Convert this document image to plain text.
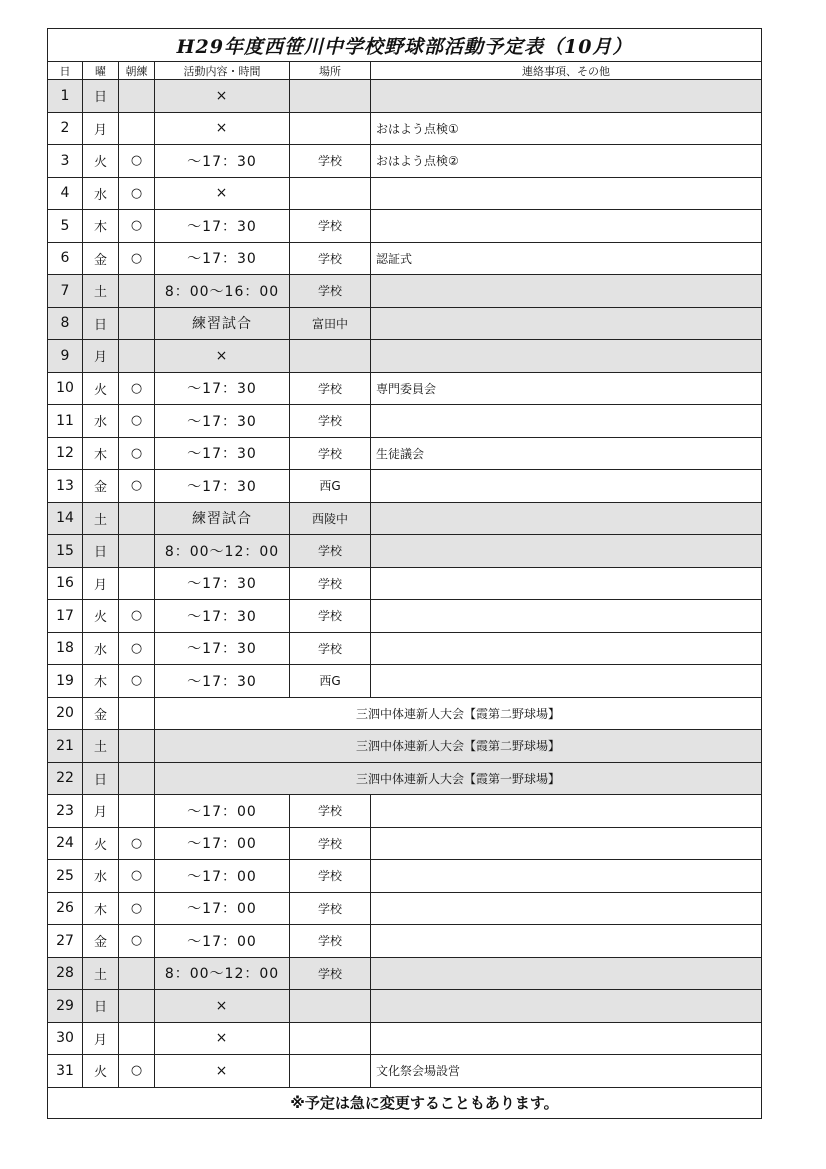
H29年度西笹川中学校野球部活動予定表（10月）					
日	曜	朝練	活動内容・時間	場所	連絡事項、その他
1	日		×		
2	月		×		おはよう点検①
3	火	○	～17：30	学校	おはよう点検②
4	水	○	×		
5	木	○	～17：30	学校	
6	金	○	～17：30	学校	認証式
7	土		8：00～16：00	学校	
8	日		練習試合	富田中	
9	月		×		
10	火	○	～17：30	学校	専門委員会
11	水	○	～17：30	学校	
12	木	○	～17：30	学校	生徒議会
13	金	○	～17：30	西G	
14	土		練習試合	西陵中	
15	日		8：00～12：00	学校	
16	月		～17：30	学校	
17	火	○	～17：30	学校	
18	水	○	～17：30	学校	
19	木	○	～17：30	西G	
20	金		三泗中体連新人大会【霞第二野球場】		
21	土		三泗中体連新人大会【霞第二野球場】		
22	日		三泗中体連新人大会【霞第一野球場】		
23	月		～17：00	学校	
24	火	○	～17：00	学校	
25	水	○	～17：00	学校	
26	木	○	～17：00	学校	
27	金	○	～17：00	学校	
28	土		8：00～12：00	学校	
29	日		×		
30	月		×		
31	火	○	×		文化祭会場設営
※予定は急に変更することもあります。					
